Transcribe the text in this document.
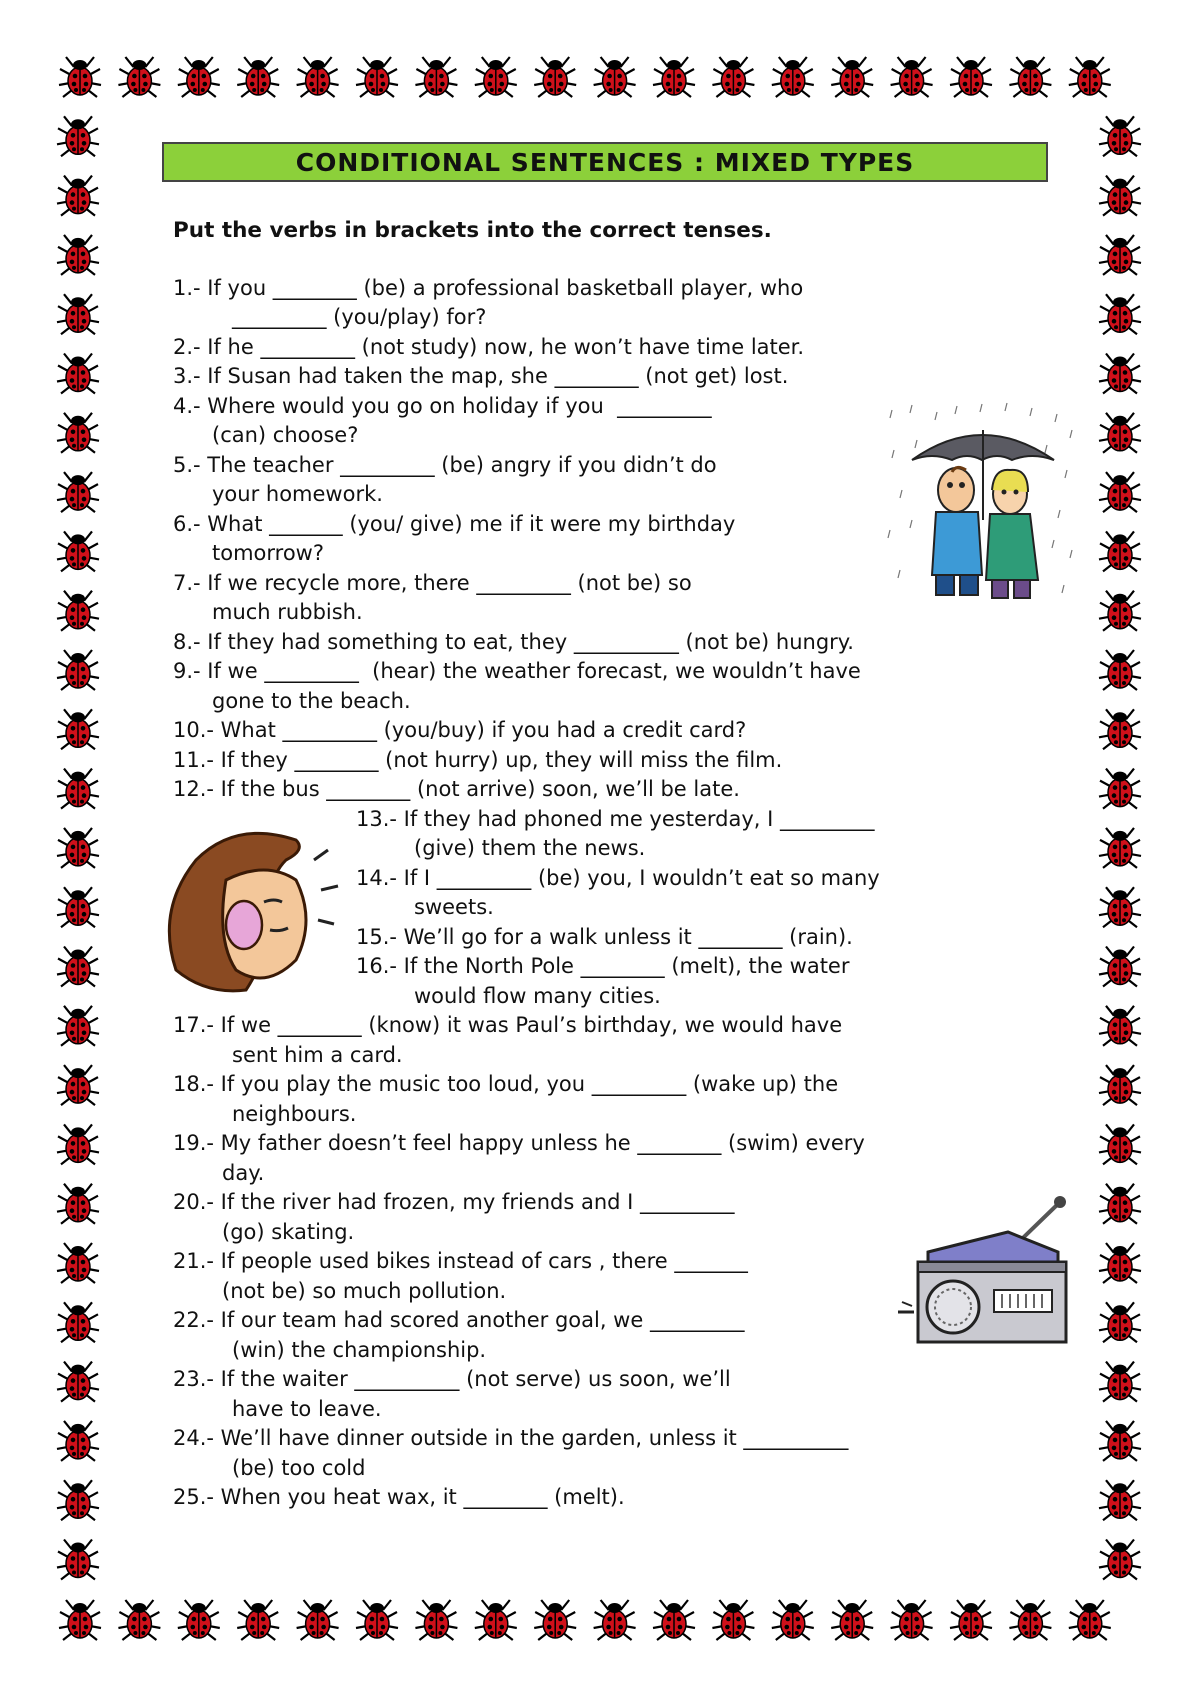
CONDITIONAL SENTENCES : MIXED TYPES
Put the verbs in brackets into the correct tenses.
1.- If you ________ (be) a professional basketball player, who
_________ (you/play) for?
2.- If he _________ (not study) now, he won’t have time later.
3.- If Susan had taken the map, she ________ (not get) lost.
4.- Where would you go on holiday if you  _________
(can) choose?
5.- The teacher _________ (be) angry if you didn’t do
your homework.
6.- What _______ (you/ give) me if it were my birthday
tomorrow?
7.- If we recycle more, there _________ (not be) so
much rubbish.
8.- If they had something to eat, they __________ (not be) hungry.
9.- If we _________  (hear) the weather forecast, we wouldn’t have
gone to the beach.
10.- What _________ (you/buy) if you had a credit card?
11.- If they ________ (not hurry) up, they will miss the film.
12.- If the bus ________ (not arrive) soon, we’ll be late.
13.- If they had phoned me yesterday, I _________
(give) them the news.
14.- If I _________ (be) you, I wouldn’t eat so many
sweets.
15.- We’ll go for a walk unless it ________ (rain).
16.- If the North Pole ________ (melt), the water
would flow many cities.
17.- If we ________ (know) it was Paul’s birthday, we would have
sent him a card.
18.- If you play the music too loud, you _________ (wake up) the
neighbours.
19.- My father doesn’t feel happy unless he ________ (swim) every
day.
20.- If the river had frozen, my friends and I _________
(go) skating.
21.- If people used bikes instead of cars , there _______
(not be) so much pollution.
22.- If our team had scored another goal, we _________
(win) the championship.
23.- If the waiter __________ (not serve) us soon, we’ll
have to leave.
24.- We’ll have dinner outside in the garden, unless it __________
(be) too cold
25.- When you heat wax, it ________ (melt).
